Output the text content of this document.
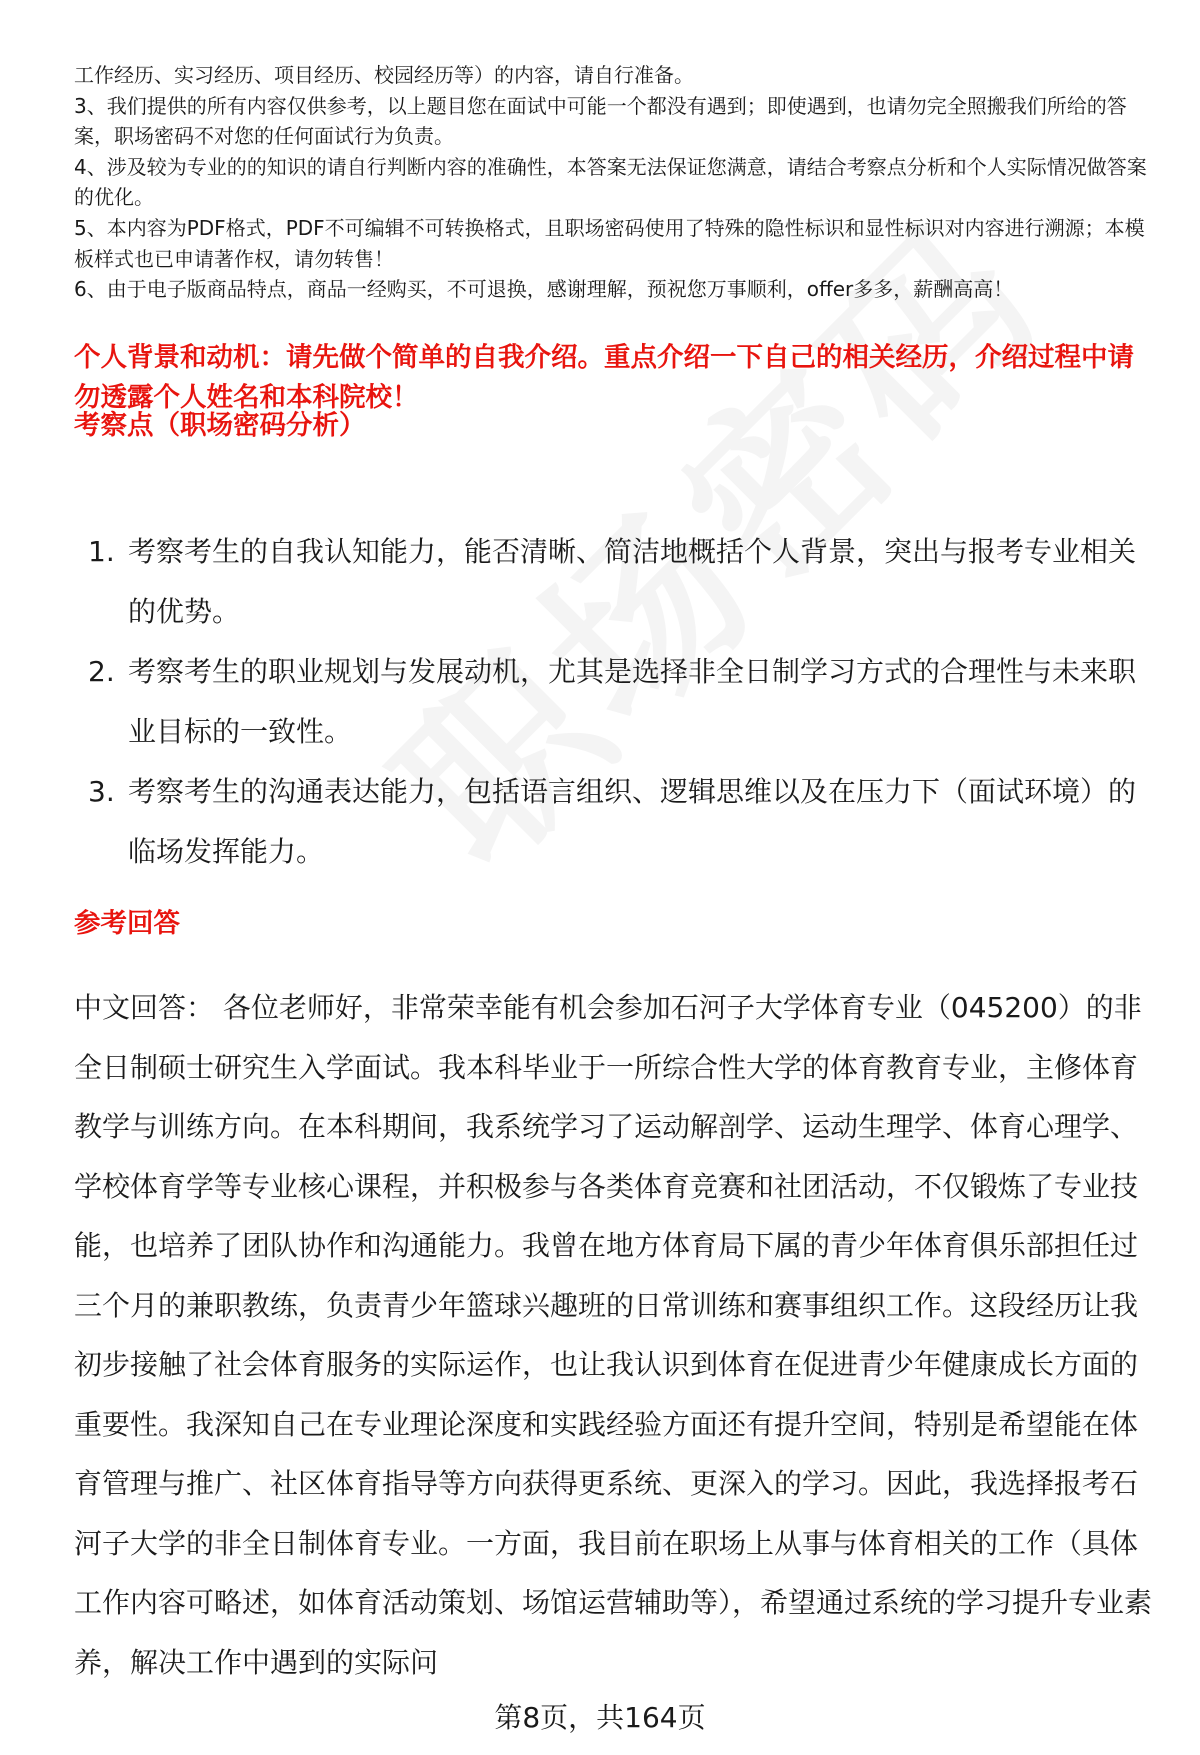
工作经历、实习经历、项目经历、校园经历等）的内容，请自行准备。

3、我们提供的所有内容仅供参考，以上题目您在面试中可能一个都没有遇到；即使遇到，也请勿完全照搬我们所给的答案，职场密码不对您的任何面试行为负责。

4、涉及较为专业的的知识的请自行判断内容的准确性，本答案无法保证您满意，请结合考察点分析和个人实际情况做答案的优化。

5、本内容为PDF格式，PDF不可编辑不可转换格式，且职场密码使用了特殊的隐性标识和显性标识对内容进行溯源；本模板样式也已申请著作权，请勿转售！

6、由于电子版商品特点，商品一经购买，不可退换，感谢理解，预祝您万事顺利，offer多多，薪酬高高！

个人背景和动机：请先做个简单的自我介绍。重点介绍一下自己的相关经历，介绍过程中请勿透露个人姓名和本科院校！
考察点（职场密码分析）
1. 考察考生的自我认知能力，能否清晰、简洁地概括个人背景，突出与报考专业相关的优势。
2. 考察考生的职业规划与发展动机，尤其是选择非全日制学习方式的合理性与未来职业目标的一致性。
3. 考察考生的沟通表达能力，包括语言组织、逻辑思维以及在压力下（面试环境）的临场发挥能力。
参考回答

中文回答： 各位老师好，非常荣幸能有机会参加石河子大学体育专业（045200）的非全日制硕士研究生入学面试。我本科毕业于一所综合性大学的体育教育专业，主修体育教学与训练方向。在本科期间，我系统学习了运动解剖学、运动生理学、体育心理学、学校体育学等专业核心课程，并积极参与各类体育竞赛和社团活动，不仅锻炼了专业技能，也培养了团队协作和沟通能力。我曾在地方体育局下属的青少年体育俱乐部担任过三个月的兼职教练，负责青少年篮球兴趣班的日常训练和赛事组织工作。这段经历让我初步接触了社会体育服务的实际运作，也让我认识到体育在促进青少年健康成长方面的重要性。我深知自己在专业理论深度和实践经验方面还有提升空间，特别是希望能在体育管理与推广、社区体育指导等方向获得更系统、更深入的学习。因此，我选择报考石河子大学的非全日制体育专业。一方面，我目前在职场上从事与体育相关的工作（具体工作内容可略述，如体育活动策划、场馆运营辅助等），希望通过系统的学习提升专业素养，解决工作中遇到的实际问

第8页，共164页
